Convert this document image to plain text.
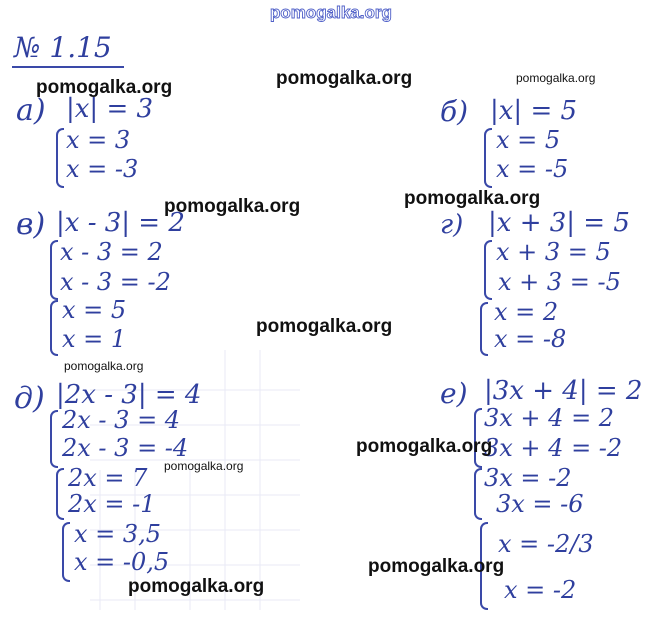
pomogalka.org
№ 1.15
а) |x| = 3
x = 3
x = -3
б) |x| = 5
x = 5
x = -5
в) |x - 3| = 2
x - 3 = 2
x - 3 = -2
x = 5
x = 1
г) |x + 3| = 5
x + 3 = 5
x + 3 = -5
x = 2
x = -8
д) |2x - 3| = 4
2x - 3 = 4
2x - 3 = -4
2x = 7
2x = -1
x = 3,5
x = -0,5
е) |3x + 4| = 2
3x + 4 = 2
3x + 4 = -2
3x = -2
3x = -6
x = -2/3
x = -2
pomogalka.org	pomogalka.org	pomogalka.org
pomogalka.org	pomogalka.org
pomogalka.org
pomogalka.org
pomogalka.org
pomogalka.org
pomogalka.org
pomogalka.org
